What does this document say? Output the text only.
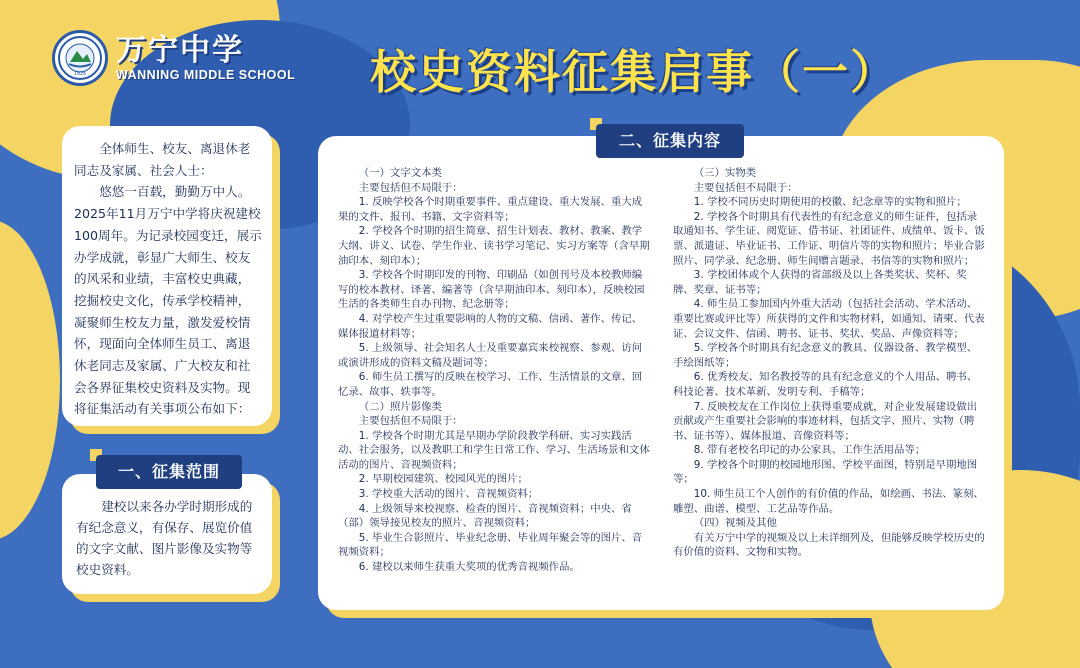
1926
万宁中学
WANNING MIDDLE SCHOOL 校史资料征集启事（一）

全体师生、校友、离退休老同志及家属、社会人士：

悠悠一百载，勤勤万中人。2025年11月万宁中学将庆祝建校100周年。为记录校园变迁，展示办学成就，彰显广大师生、校友的风采和业绩，丰富校史典藏，挖掘校史文化，传承学校精神，凝聚师生校友力量，激发爱校情怀，现面向全体师生员工、离退休老同志及家属、广大校友和社会各界征集校史资料及实物。现将征集活动有关事项公布如下：

建校以来各办学时期形成的有纪念意义，有保存、展览价值的文字文献、图片影像及实物等校史资料。

一、征集范围
（一）文字文本类
主要包括但不局限于：
1. 反映学校各个时期重要事件、重点建设、重大发展、重大成果的文件、报刊、书籍、文字资料等；
2. 学校各个时期的招生简章、招生计划表、教材、教案、教学大纲、讲义、试卷、学生作业、读书学习笔记、实习方案等（含早期油印本、刻印本）；
3. 学校各个时期印发的刊物、印刷品（如创刊号及本校教师编写的校本教材、译著、编著等（含早期油印本、刻印本），反映校园生活的各类师生自办刊物、纪念册等；
4. 对学校产生过重要影响的人物的文稿、信函、著作、传记、媒体报道材料等；
5. 上级领导、社会知名人士及重要嘉宾来校视察、参观、访问或演讲形成的资料文稿及题词等；
6. 师生员工撰写的反映在校学习、工作、生活情景的文章、回忆录、故事、轶事等。
（二）照片影像类
主要包括但不局限于：
1. 学校各个时期尤其是早期办学阶段教学科研、实习实践活动、社会服务，以及教职工和学生日常工作、学习、生活场景和文体活动的图片、音视频资料；
2. 早期校园建筑、校园风光的图片；
3. 学校重大活动的图片、音视频资料；
4. 上级领导来校视察、检查的图片、音视频资料；中央、省（部）领导接见校友的照片、音视频资料；
5. 毕业生合影照片、毕业纪念册、毕业周年聚会等的图片、音视频资料；
6. 建校以来师生获重大奖项的优秀音视频作品。
（三）实物类
主要包括但不局限于：
1. 学校不同历史时期使用的校徽、纪念章等的实物和照片；
2. 学校各个时期具有代表性的有纪念意义的师生证件，包括录取通知书、学生证、阅览证、借书证、社团证件、成绩单、饭卡、饭票、派遣证、毕业证书、工作证、明信片等的实物和照片；毕业合影照片、同学录、纪念册、师生间赠言题录、书信等的实物和照片；
3. 学校团体或个人获得的省部级及以上各类奖状、奖杯、奖牌、奖章、证书等；
4. 师生员工参加国内外重大活动（包括社会活动、学术活动、重要比赛或评比等）所获得的文件和实物材料，如通知、请柬、代表证、会议文件、信函、聘书、证书、奖状、奖品、声像资料等；
5. 学校各个时期具有纪念意义的教具、仪器设备、教学模型、手绘图纸等；
6. 优秀校友、知名教授等的具有纪念意义的个人用品、聘书、科技论著、技术革新、发明专利、手稿等；
7. 反映校友在工作岗位上获得重要成就，对企业发展建设做出贡献或产生重要社会影响的事迹材料，包括文字、照片、实物（聘书、证书等）、媒体报道、音像资料等；
8. 带有老校名印记的办公家具、工作生活用品等；
9. 学校各个时期的校园地形图、学校平面图，特别是早期地图等；
10. 师生员工个人创作的有价值的作品，如绘画、书法、篆刻、雕塑、曲谱、模型、工艺品等作品。
（四）视频及其他
有关万宁中学的视频及以上未详细列及，但能够反映学校历史的有价值的资料、文物和实物。
二、征集内容
